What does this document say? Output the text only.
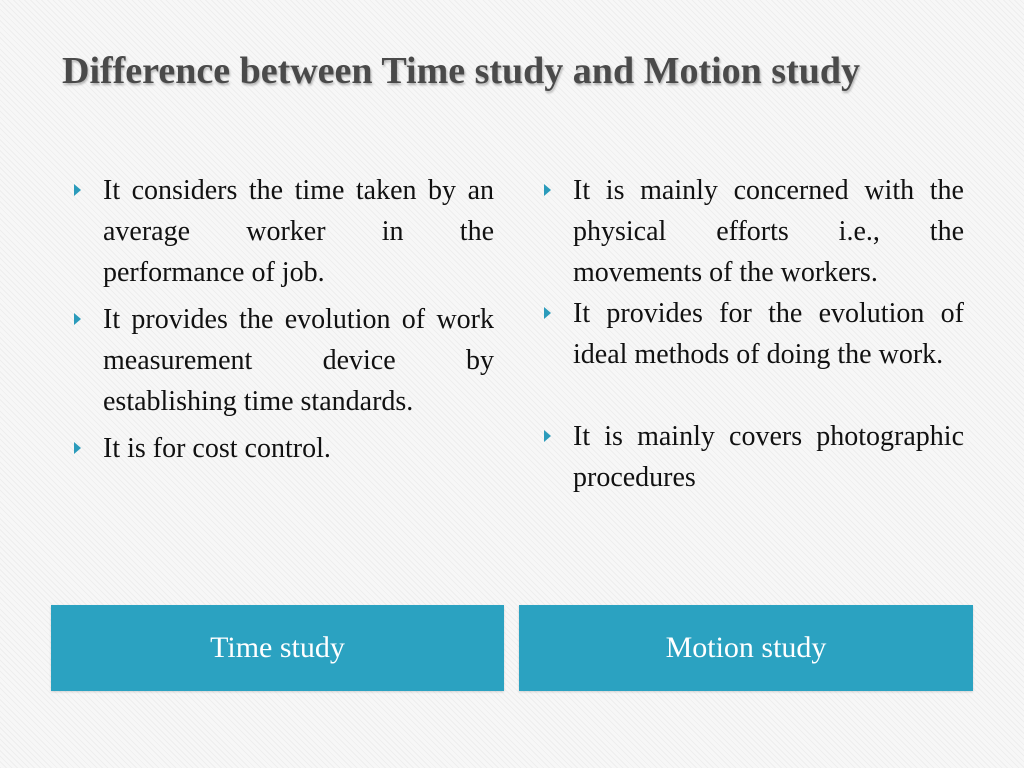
Difference between Time study and Motion study
It considers the time taken by an average worker in the performance of job.
It provides the evolution of work measurement device by establishing time standards.
It is for cost control.
It is mainly concerned with the physical efforts i.e., the movements of the workers.
It provides for the evolution of ideal methods of doing the work.
It is mainly covers photographic procedures
Time study	Motion study
